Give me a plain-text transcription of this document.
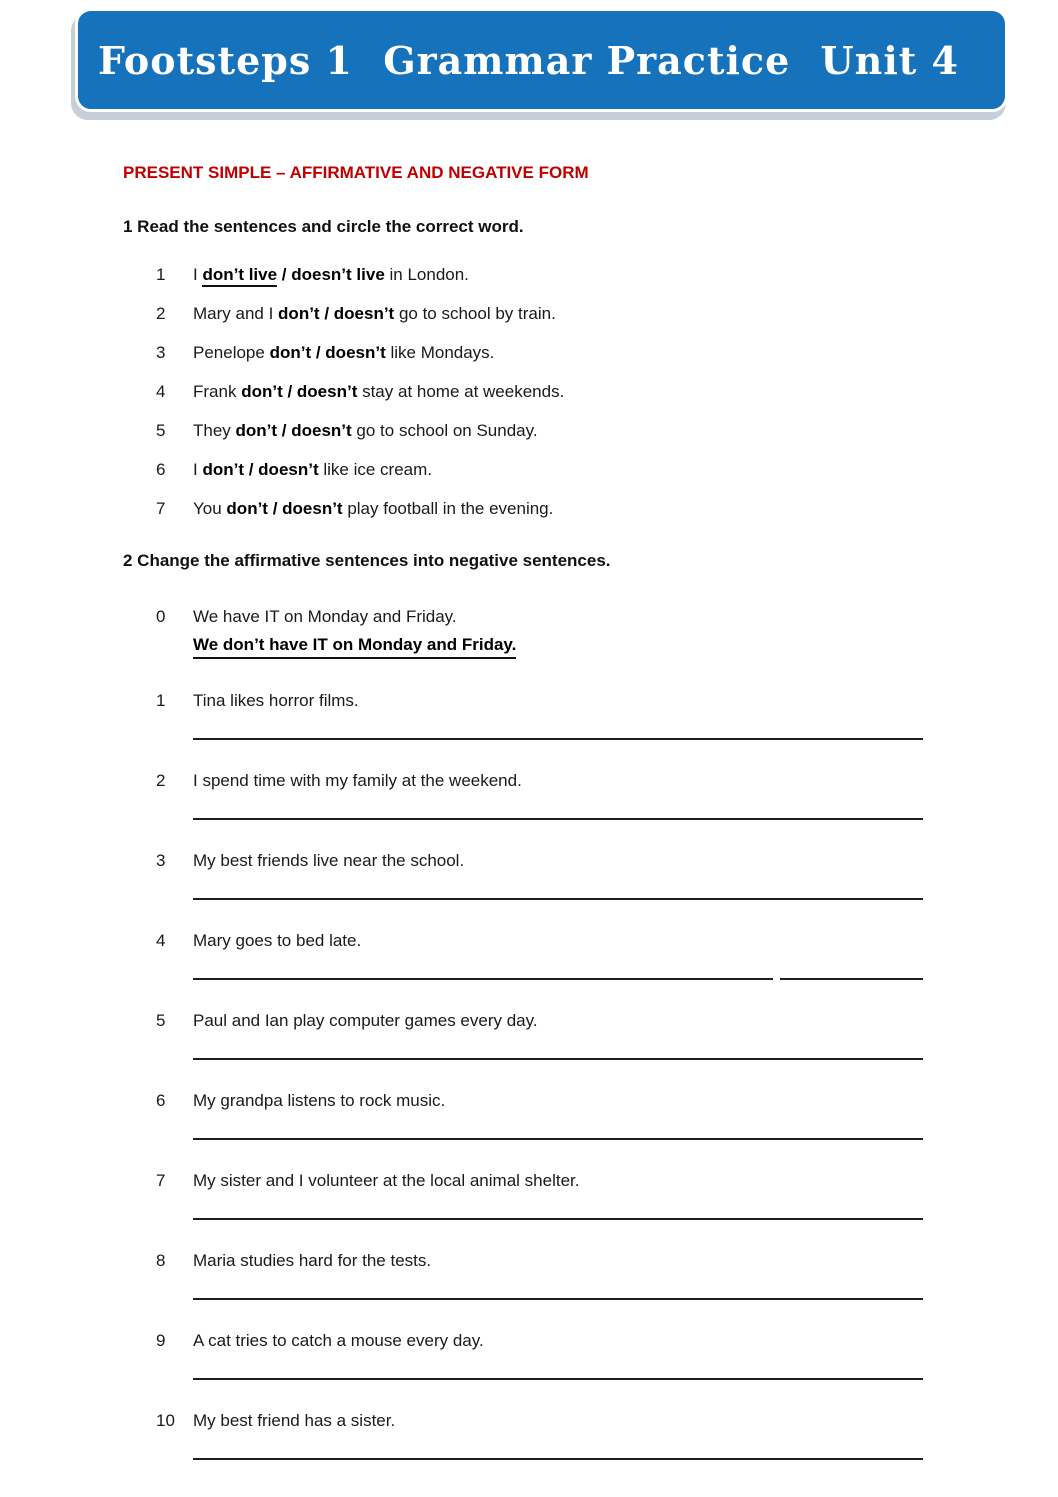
Footsteps 1 Grammar Practice Unit 4
PRESENT SIMPLE – AFFIRMATIVE AND NEGATIVE FORM
1 Read the sentences and circle the correct word.
1	I don’t live / doesn’t live in London.
2	Mary and I don’t / doesn’t go to school by train.
3	Penelope don’t / doesn’t like Mondays.
4	Frank don’t / doesn’t stay at home at weekends.
5	They don’t / doesn’t go to school on Sunday.
6	I don’t / doesn’t like ice cream.
7	You don’t / doesn’t play football in the evening.
2 Change the affirmative sentences into negative sentences.
0	We have IT on Monday and Friday.
We don’t have IT on Monday and Friday.
1	Tina likes horror films.
2	I spend time with my family at the weekend.
3	My best friends live near the school.
4	Mary goes to bed late.
5	Paul and Ian play computer games every day.
6	My grandpa listens to rock music.
7	My sister and I volunteer at the local animal shelter.
8	Maria studies hard for the tests.
9	A cat tries to catch a mouse every day.
10	My best friend has a sister.
